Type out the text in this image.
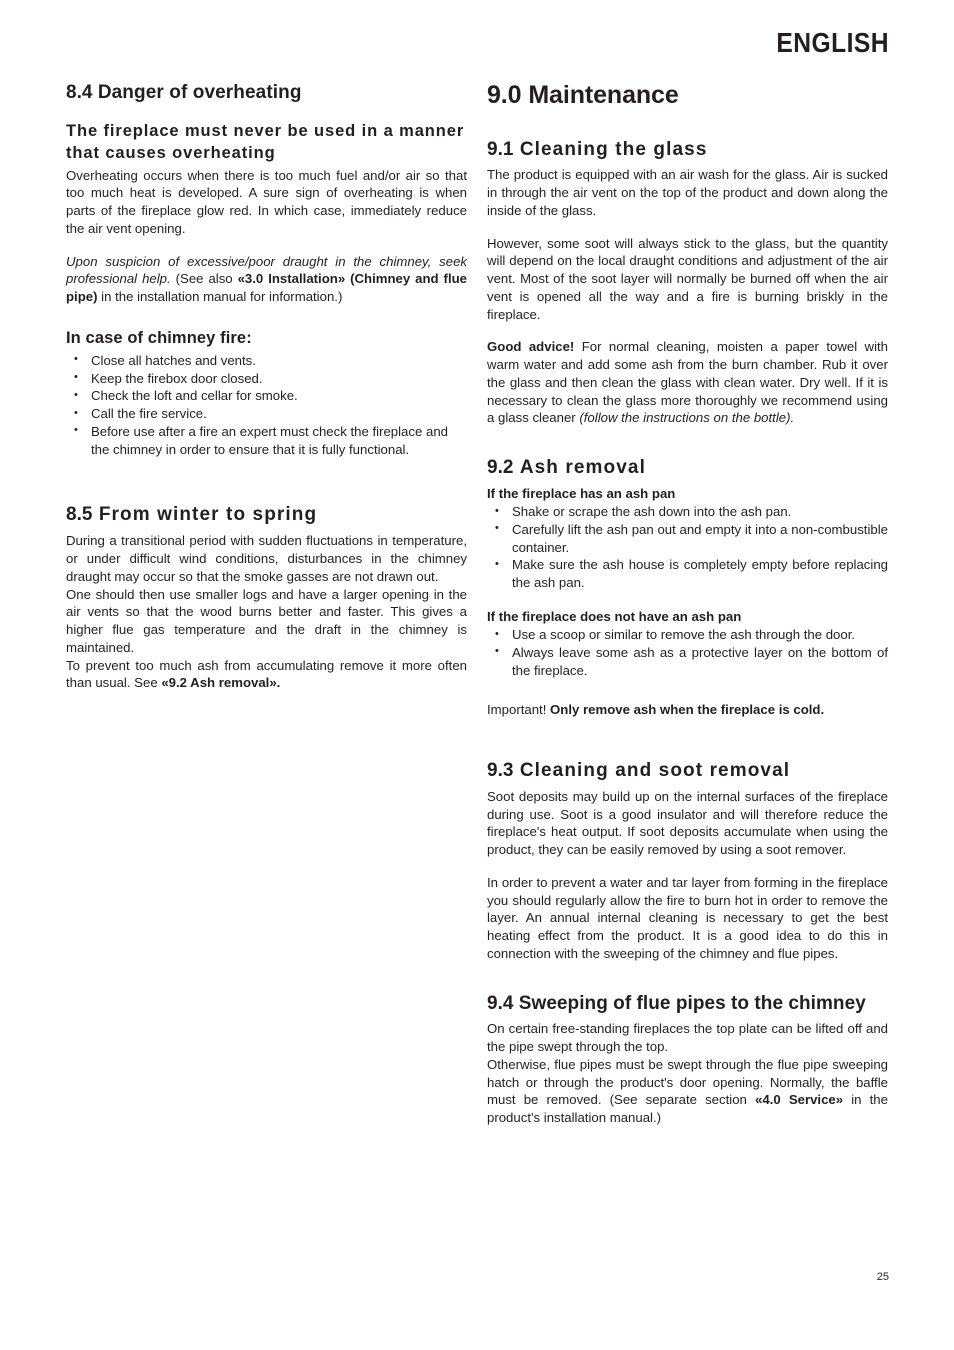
ENGLISH
8.4 Danger of overheating
The fireplace must never be used in a manner that causes overheating

Overheating occurs when there is too much fuel and/or air so that too much heat is developed. A sure sign of overheating is when parts of the fireplace glow red. In which case, immediately reduce the air vent opening.

Upon suspicion of excessive/poor draught in the chimney, seek professional help. (See also «3.0 Installation» (Chimney and flue pipe) in the installation manual for information.)

In case of chimney fire:
• Close all hatches and vents.
• Keep the firebox door closed.
• Check the loft and cellar for smoke.
• Call the fire service.
• Before use after a fire an expert must check the fireplace and the chimney in order to ensure that it is fully functional.
8.5 From winter to spring

During a transitional period with sudden fluctuations in temperature, or under difficult wind conditions, disturbances in the chimney draught may occur so that the smoke gasses are not drawn out.

One should then use smaller logs and have a larger opening in the air vents so that the wood burns better and faster. This gives a higher flue gas temperature and the draft in the chimney is maintained.

To prevent too much ash from accumulating remove it more often than usual. See «9.2 Ash removal».

9.0 Maintenance
9.1 Cleaning the glass

The product is equipped with an air wash for the glass. Air is sucked in through the air vent on the top of the product and down along the inside of the glass.

However, some soot will always stick to the glass, but the quantity will depend on the local draught conditions and adjustment of the air vent. Most of the soot layer will normally be burned off when the air vent is opened all the way and a fire is burning briskly in the fireplace.

Good advice! For normal cleaning, moisten a paper towel with warm water and add some ash from the burn chamber. Rub it over the glass and then clean the glass with clean water. Dry well. If it is necessary to clean the glass more thoroughly we recommend using a glass cleaner (follow the instructions on the bottle).

9.2 Ash removal
If the fireplace has an ash pan
• Shake or scrape the ash down into the ash pan.
• Carefully lift the ash pan out and empty it into a non-combustible container.
• Make sure the ash house is completely empty before replacing the ash pan.
If the fireplace does not have an ash pan
• Use a scoop or similar to remove the ash through the door.
• Always leave some ash as a protective layer on the bottom of the fireplace.

Important! Only remove ash when the fireplace is cold.

9.3 Cleaning and soot removal

Soot deposits may build up on the internal surfaces of the fireplace during use. Soot is a good insulator and will therefore reduce the fireplace's heat output. If soot deposits accumulate when using the product, they can be easily removed by using a soot remover.

In order to prevent a water and tar layer from forming in the fireplace you should regularly allow the fire to burn hot in order to remove the layer. An annual internal cleaning is necessary to get the best heating effect from the product. It is a good idea to do this in connection with the sweeping of the chimney and flue pipes.

9.4 Sweeping of flue pipes to the chimney

On certain free-standing fireplaces the top plate can be lifted off and the pipe swept through the top.

Otherwise, flue pipes must be swept through the flue pipe sweeping hatch or through the product's door opening. Normally, the baffle must be removed. (See separate section «4.0 Service» in the product's installation manual.)

25
